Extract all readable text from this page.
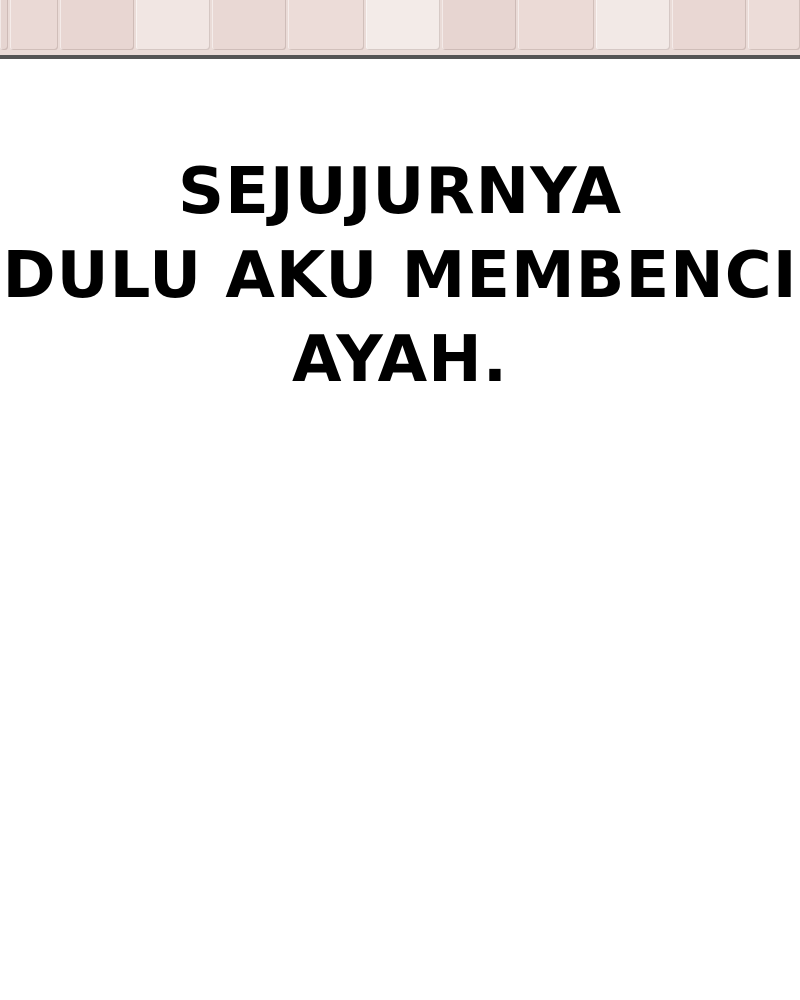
SEJUJURNYA
DULU AKU MEMBENCI
AYAH.
